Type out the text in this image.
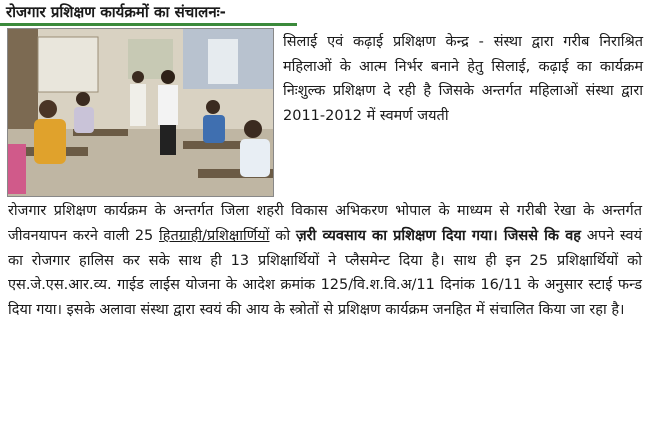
रोजगार प्रशिक्षण कार्यक्रमों का संचालनः-

सिलाई एवं कढ़ाई प्रशिक्षण केन्द्र - संस्था द्वारा गरीब निराश्रित महिलाओं के आत्म निर्भर बनाने हेतु सिलाई, कढ़ाई का कार्यक्रम निःशुल्क प्रशिक्षण दे रही है जिसके अन्तर्गत महिलाओं संस्था द्वारा 2011-2012 में स्वमर्ण जयती

रोजगार प्रशिक्षण कार्यक्रम के अन्तर्गत जिला शहरी विकास अभिकरण भोपाल के माध्यम से गरीबी रेखा के अन्तर्गत जीवनयापन करने वाली 25 हितग्राही/प्रशिक्षार्णियों को ज़री व्यवसाय का प्रशिक्षण दिया गया। जिससे कि वह अपने स्वयं का रोजगार हालिस कर सके साथ ही 13 प्रशिक्षार्थियों ने प्लैसमेन्ट दिया है। साथ ही इन 25 प्रशिक्षार्थियों को एस.जे.एस.आर.व्य. गाईड लाईस योजना के आदेश क्रमांक 125/वि.श.वि.अ/11 दिनांक 16/11 के अनुसार स्टाई फन्ड दिया गया। इसके अलावा संस्था द्वारा स्वयं की आय के स्त्रोतों से प्रशिक्षण कार्यक्रम जनहित में संचालित किया जा रहा है।
